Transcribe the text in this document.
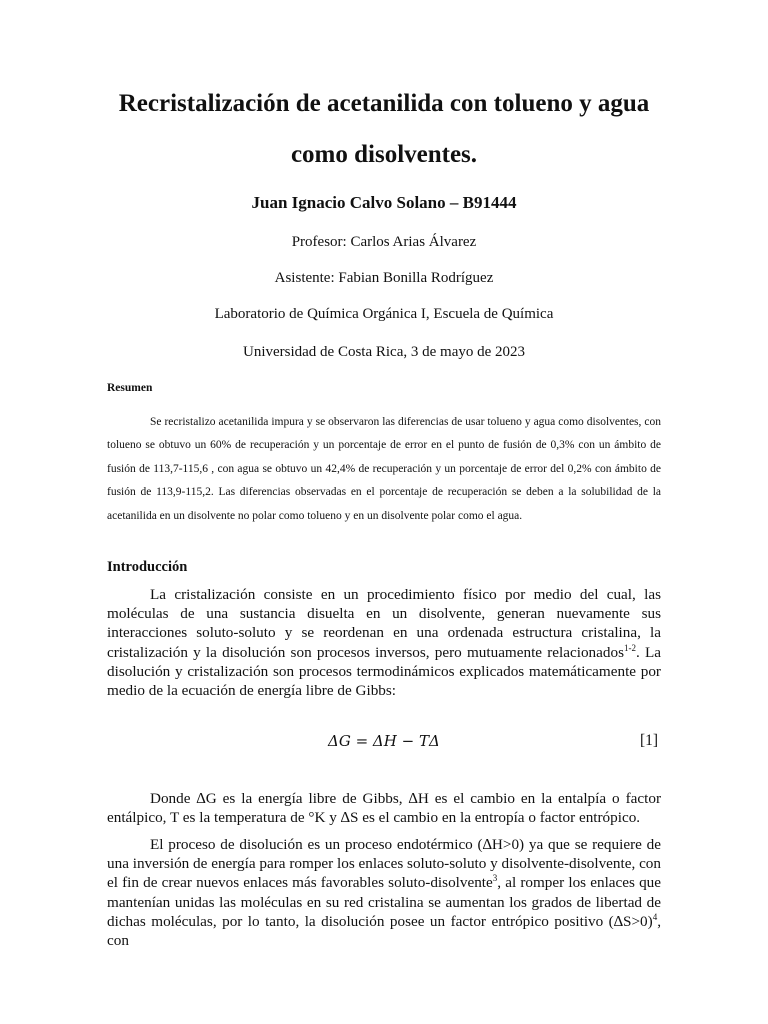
Recristalización de acetanilida con tolueno y agua
como disolventes.
Juan Ignacio Calvo Solano – B91444
Profesor: Carlos Arias Álvarez
Asistente: Fabian Bonilla Rodríguez
Laboratorio de Química Orgánica I, Escuela de Química
Universidad de Costa Rica, 3 de mayo de 2023
Resumen

Se recristalizo acetanilida impura y se observaron las diferencias de usar tolueno y agua como disolventes, con tolueno se obtuvo un 60% de recuperación y un porcentaje de error en el punto de fusión de 0,3% con un ámbito de fusión de 113,7-115,6 , con agua se obtuvo un 42,4% de recuperación y un porcentaje de error del 0,2% con ámbito de fusión de 113,9-115,2. Las diferencias observadas en el porcentaje de recuperación se deben a la solubilidad de la acetanilida en un disolvente no polar como tolueno y en un disolvente polar como el agua.

Introducción

La cristalización consiste en un procedimiento físico por medio del cual, las moléculas de una sustancia disuelta en un disolvente, generan nuevamente sus interacciones soluto-soluto y se reordenan en una ordenada estructura cristalina, la cristalización y la disolución son procesos inversos, pero mutuamente relacionados$^{1-2}$. La disolución y cristalización son procesos termodinámicos explicados matemáticamente por medio de la ecuación de energía libre de Gibbs:

ΔG = ΔH − TΔ	[1]

Donde ∆G es la energía libre de Gibbs, ∆H es el cambio en la entalpía o factor entálpico, T es la temperatura de °K y ∆S es el cambio en la entropía o factor entrópico.

El proceso de disolución es un proceso endotérmico (∆H>0) ya que se requiere de una inversión de energía para romper los enlaces soluto-soluto y disolvente-disolvente, con el fin de crear nuevos enlaces más favorables soluto-disolvente$^3$, al romper los enlaces que mantenían unidas las moléculas en su red cristalina se aumentan los grados de libertad de dichas moléculas, por lo tanto, la disolución posee un factor entrópico positivo (∆S>0)$^4$, con
